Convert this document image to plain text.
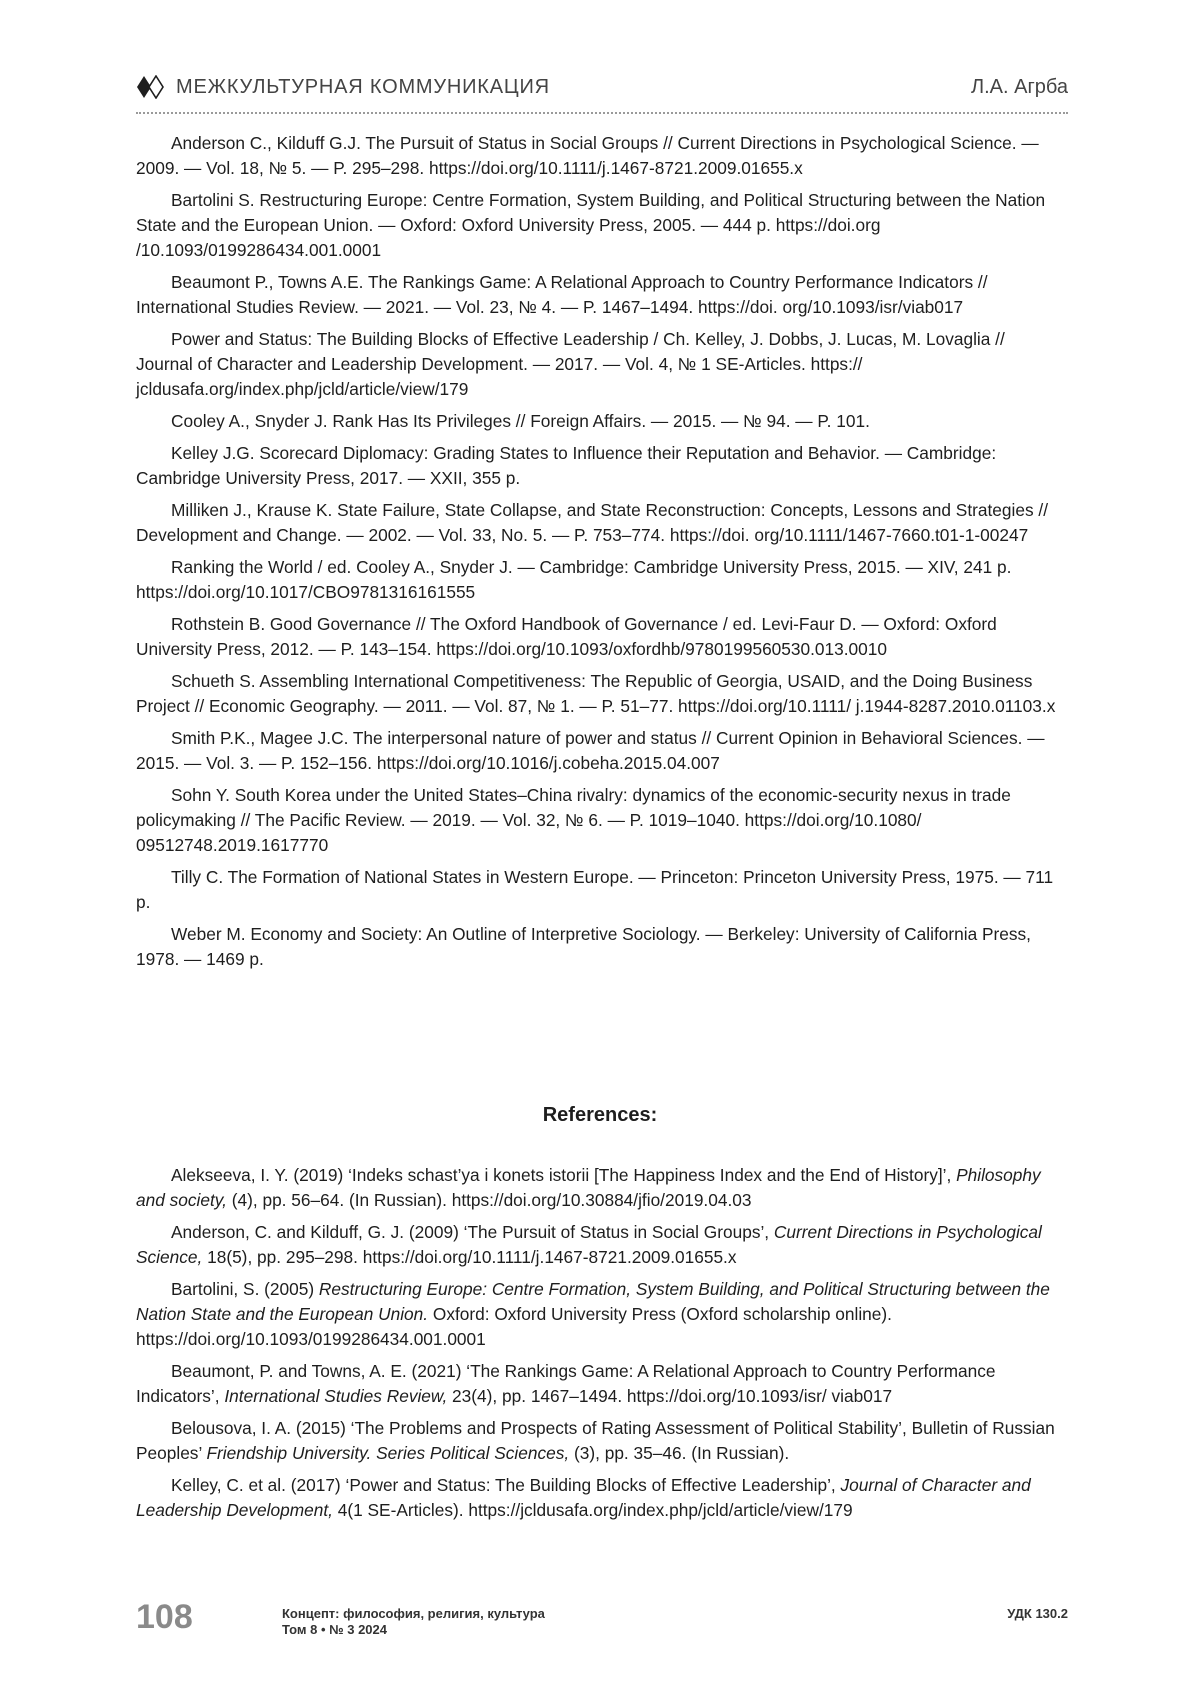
МЕЖКУЛЬТУРНАЯ КОММУНИКАЦИЯ	Л.А. Агрба

Anderson C., Kilduff G.J. The Pursuit of Status in Social Groups // Current Directions in Psychological Science. — 2009. — Vol. 18, № 5. — P. 295–298. https://doi.org/10.1111/j.1467-8721.2009.01655.x

Bartolini S. Restructuring Europe: Centre Formation, System Building, and Political Structuring between the Nation State and the European Union. — Oxford: Oxford University Press, 2005. — 444 p. https://doi.org /10.1093/0199286434.001.0001

Beaumont P., Towns A.E. The Rankings Game: A Relational Approach to Country Performance Indicators // International Studies Review. — 2021. — Vol. 23, № 4. — P. 1467–1494. https://doi. org/10.1093/isr/viab017

Power and Status: The Building Blocks of Effective Leadership / Ch. Kelley, J. Dobbs, J. Lucas, M. Lovaglia // Journal of Character and Leadership Development. — 2017. — Vol. 4, № 1 SE-Articles. https:// jcldusafa.org/index.php/jcld/article/view/179

Cooley A., Snyder J. Rank Has Its Privileges // Foreign Affairs. — 2015. — № 94. — P. 101.

Kelley J.G. Scorecard Diplomacy: Grading States to Influence their Reputation and Behavior. — Cambridge: Cambridge University Press, 2017. — XXII, 355 p.

Milliken J., Krause K. State Failure, State Collapse, and State Reconstruction: Concepts, Lessons and Strategies // Development and Change. — 2002. — Vol. 33, No. 5. — P. 753–774. https://doi. org/10.1111/1467-7660.t01-1-00247

Ranking the World / ed. Cooley A., Snyder J. — Cambridge: Cambridge University Press, 2015. — XIV, 241 p. https://doi.org/10.1017/CBO9781316161555

Rothstein B. Good Governance // The Oxford Handbook of Governance / ed. Levi-Faur D. — Oxford: Oxford University Press, 2012. — P. 143–154. https://doi.org/10.1093/oxfordhb/9780199560530.013.0010

Schueth S. Assembling International Competitiveness: The Republic of Georgia, USAID, and the Doing Business Project // Economic Geography. — 2011. — Vol. 87, № 1. — P. 51–77. https://doi.org/10.1111/ j.1944-8287.2010.01103.x

Smith P.K., Magee J.C. The interpersonal nature of power and status // Current Opinion in Behavioral Sciences. — 2015. — Vol. 3. — P. 152–156. https://doi.org/10.1016/j.cobeha.2015.04.007

Sohn Y. South Korea under the United States–China rivalry: dynamics of the economic-security nexus in trade policymaking // The Pacific Review. — 2019. — Vol. 32, № 6. — P. 1019–1040. https://doi.org/10.1080/ 09512748.2019.1617770

Tilly C. The Formation of National States in Western Europe. — Princeton: Princeton University Press, 1975. — 711 p.

Weber M. Economy and Society: An Outline of Interpretive Sociology. — Berkeley: University of California Press, 1978. — 1469 p.

References:

Alekseeva, I. Y. (2019) ‘Indeks schast’ya i konets istorii [The Happiness Index and the End of History]’, Philosophy and society, (4), pp. 56–64. (In Russian). https://doi.org/10.30884/jfio/2019.04.03

Anderson, C. and Kilduff, G. J. (2009) ‘The Pursuit of Status in Social Groups’, Current Directions in Psychological Science, 18(5), pp. 295–298. https://doi.org/10.1111/j.1467-8721.2009.01655.x

Bartolini, S. (2005) Restructuring Europe: Centre Formation, System Building, and Political Structuring between the Nation State and the European Union. Oxford: Oxford University Press (Oxford scholarship online). https://doi.org/10.1093/0199286434.001.0001

Beaumont, P. and Towns, A. E. (2021) ‘The Rankings Game: A Relational Approach to Country Performance Indicators’, International Studies Review, 23(4), pp. 1467–1494. https://doi.org/10.1093/isr/ viab017

Belousova, I. A. (2015) ‘The Problems and Prospects of Rating Assessment of Political Stability’, Bulletin of Russian Peoples’ Friendship University. Series Political Sciences, (3), pp. 35–46. (In Russian).

Kelley, C. et al. (2017) ‘Power and Status: The Building Blocks of Effective Leadership’, Journal of Character and Leadership Development, 4(1 SE-Articles). https://jcldusafa.org/index.php/jcld/article/view/179

108	Концепт: философия, религия, культура
Том 8 • № 3 2024
УДК 130.2
